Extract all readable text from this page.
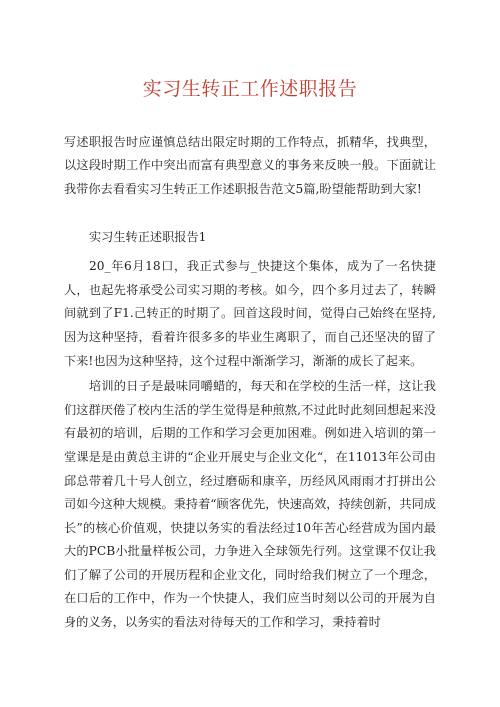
实习生转正工作述职报告

写述职报告时应谨慎总结出限定时期的工作特点，抓精华，找典型，以这段时期工作中突出而富有典型意义的事务来反映一般。下面就让我带你去看看实习生转正工作述职报告范文5篇,盼望能帮助到大家!

实习生转正述职报告1

20_年6月18口，我正式参与_快捷这个集体，成为了一名快捷人，也起先将承受公司实习期的考核。如今，四个多月过去了，转瞬间就到了F1.己转正的时期了。回首这段时间，觉得白己始终在坚持,因为这种坚持，看着许很多多的毕业生离职了，而自己还坚决的留了下来!也因为这种坚持，这个过程中渐渐学习，渐渐的成长了起来。

培训的日子是最味同嚼蜡的，每天和在学校的生活一样，这让我们这群厌倦了校内生活的学生觉得是种煎熬,不过此时此刻回想起来没有最初的培训，后期的工作和学习会更加困难。例如进入培训的第一堂课是是由黄总主讲的“企业开展史与企业文化“，在11013年公司由邱总带着几十号人创立，经过磨砺和康辛，历经风风雨雨才打拼出公司如今这种大规模。秉持着“顾客优先，快速高效，持续创新，共同成长”的核心价值观，快捷以务实的看法经过10年苦心经营成为国内最大的PCB小批量样板公司，力争进入全球领先行列。这堂课不仅让我们了解了公司的开展历程和企业文化，同时给我们树立了一个理念，在口后的工作中，作为一个快捷人，我们应当时刻以公司的开展为自身的义务，以务实的看法对待每天的工作和学习，秉持着时
